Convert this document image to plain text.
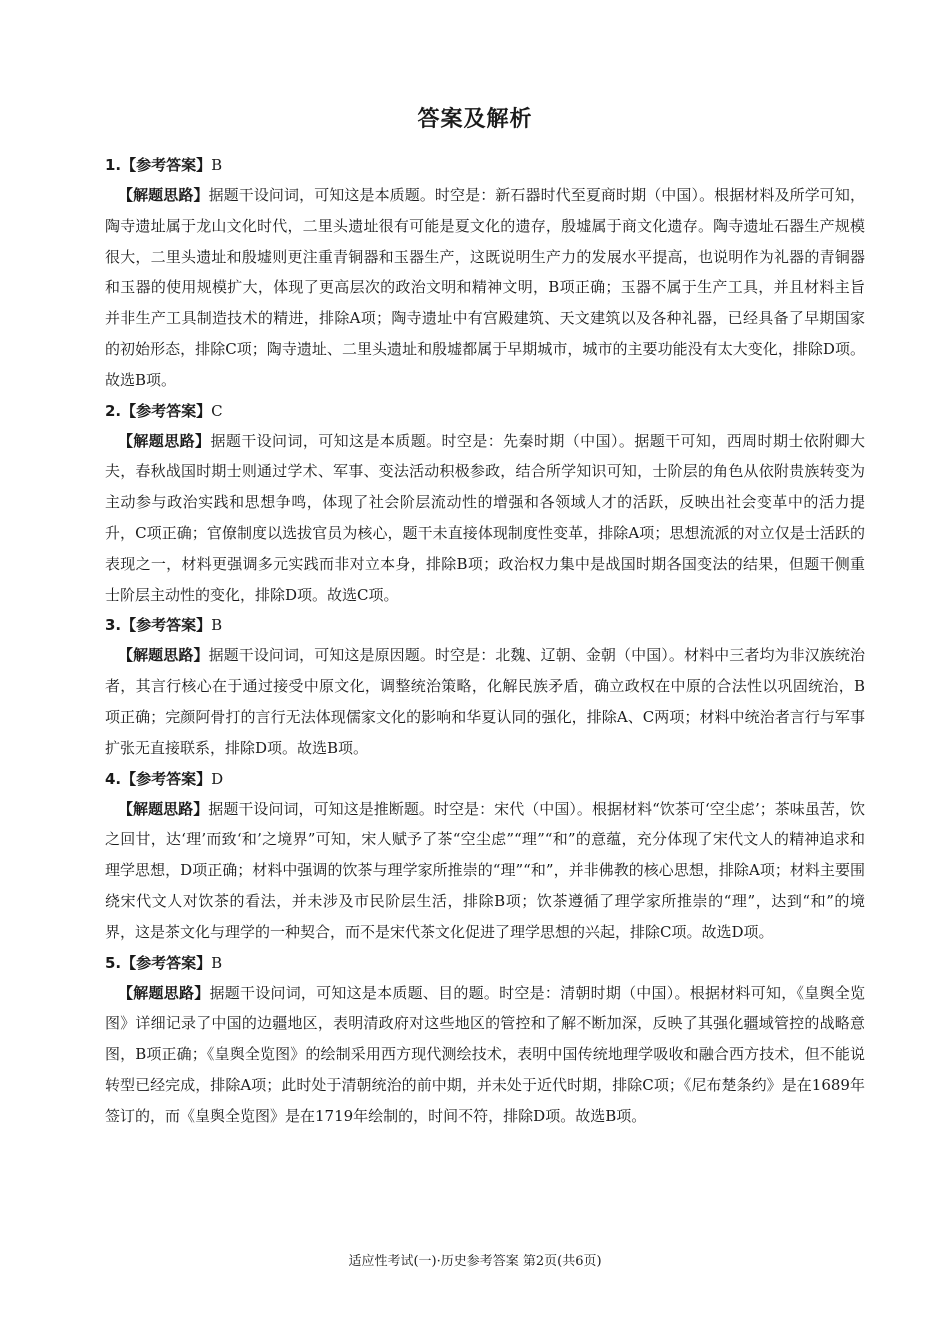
答案及解析
1.【参考答案】B

【解题思路】据题干设问词，可知这是本质题。时空是：新石器时代至夏商时期（中国）。根据材料及所学可知，陶寺遗址属于龙山文化时代，二里头遗址很有可能是夏文化的遗存，殷墟属于商文化遗存。陶寺遗址石器生产规模很大，二里头遗址和殷墟则更注重青铜器和玉器生产，这既说明生产力的发展水平提高，也说明作为礼器的青铜器和玉器的使用规模扩大，体现了更高层次的政治文明和精神文明，B项正确；玉器不属于生产工具，并且材料主旨并非生产工具制造技术的精进，排除A项；陶寺遗址中有宫殿建筑、天文建筑以及各种礼器，已经具备了早期国家的初始形态，排除C项；陶寺遗址、二里头遗址和殷墟都属于早期城市，城市的主要功能没有太大变化，排除D项。故选B项。

2.【参考答案】C

【解题思路】据题干设问词，可知这是本质题。时空是：先秦时期（中国）。据题干可知，西周时期士依附卿大夫，春秋战国时期士则通过学术、军事、变法活动积极参政，结合所学知识可知，士阶层的角色从依附贵族转变为主动参与政治实践和思想争鸣，体现了社会阶层流动性的增强和各领域人才的活跃，反映出社会变革中的活力提升，C项正确；官僚制度以选拔官员为核心，题干未直接体现制度性变革，排除A项；思想流派的对立仅是士活跃的表现之一，材料更强调多元实践而非对立本身，排除B项；政治权力集中是战国时期各国变法的结果，但题干侧重士阶层主动性的变化，排除D项。故选C项。

3.【参考答案】B

【解题思路】据题干设问词，可知这是原因题。时空是：北魏、辽朝、金朝（中国）。材料中三者均为非汉族统治者，其言行核心在于通过接受中原文化，调整统治策略，化解民族矛盾，确立政权在中原的合法性以巩固统治，B项正确；完颜阿骨打的言行无法体现儒家文化的影响和华夏认同的强化，排除A、C两项；材料中统治者言行与军事扩张无直接联系，排除D项。故选B项。

4.【参考答案】D

【解题思路】据题干设问词，可知这是推断题。时空是：宋代（中国）。根据材料“饮茶可‘空尘虑’；茶味虽苦，饮之回甘，达‘理’而致‘和’之境界”可知，宋人赋予了茶“空尘虑”“理”“和”的意蕴，充分体现了宋代文人的精神追求和理学思想，D项正确；材料中强调的饮茶与理学家所推崇的“理”“和”，并非佛教的核心思想，排除A项；材料主要围绕宋代文人对饮茶的看法，并未涉及市民阶层生活，排除B项；饮茶遵循了理学家所推崇的“理”，达到“和”的境界，这是茶文化与理学的一种契合，而不是宋代茶文化促进了理学思想的兴起，排除C项。故选D项。

5.【参考答案】B

【解题思路】据题干设问词，可知这是本质题、目的题。时空是：清朝时期（中国）。根据材料可知，《皇舆全览图》详细记录了中国的边疆地区，表明清政府对这些地区的管控和了解不断加深，反映了其强化疆域管控的战略意图，B项正确；《皇舆全览图》的绘制采用西方现代测绘技术，表明中国传统地理学吸收和融合西方技术，但不能说转型已经完成，排除A项；此时处于清朝统治的前中期，并未处于近代时期，排除C项；《尼布楚条约》是在1689年签订的，而《皇舆全览图》是在1719年绘制的，时间不符，排除D项。故选B项。

适应性考试(一)·历史参考答案 第2页(共6页)
